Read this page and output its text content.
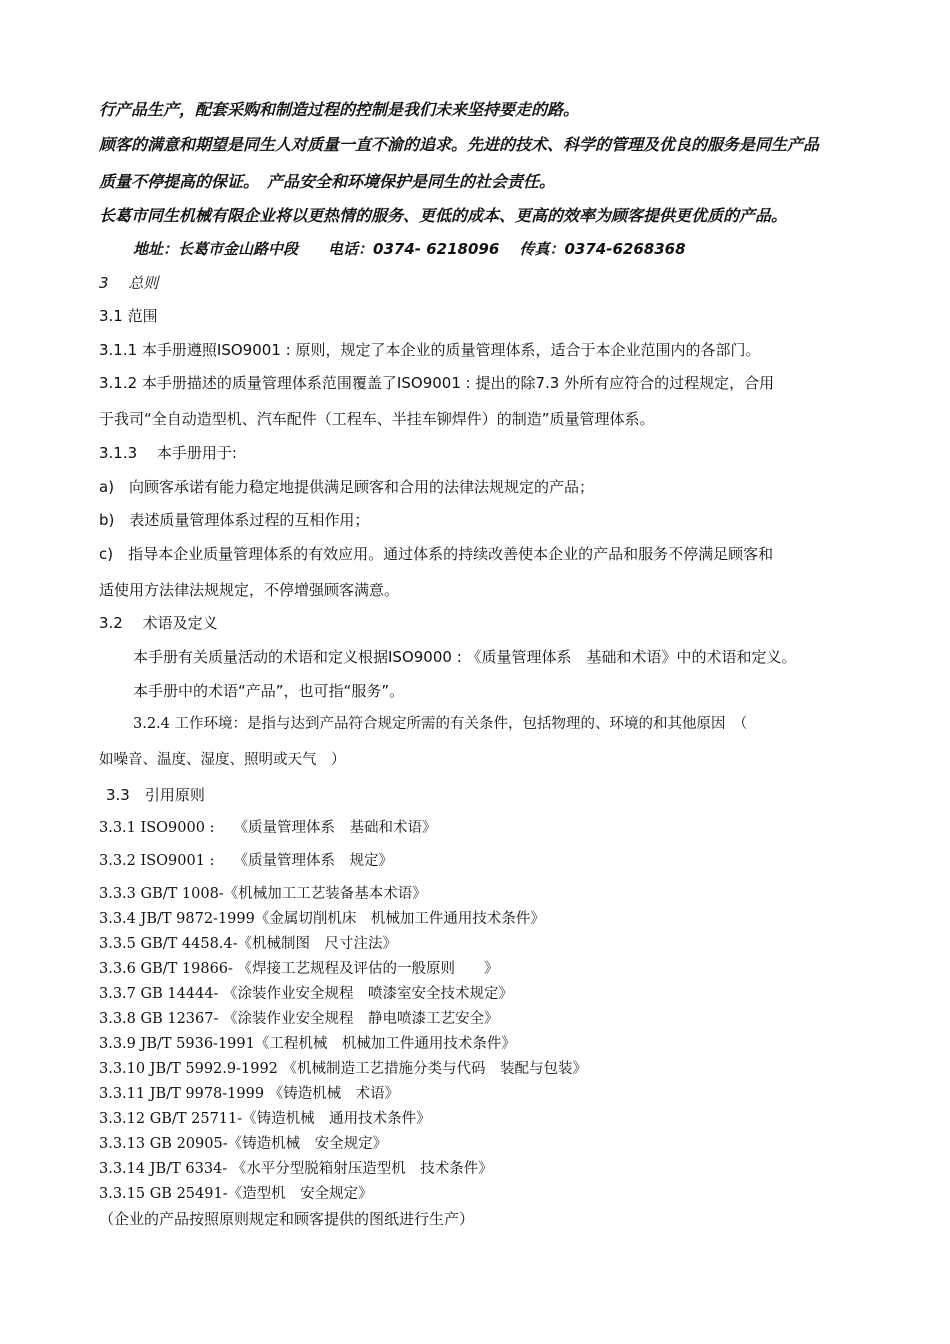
行产品生产，配套采购和制造过程的控制是我们未来坚持要走的路。
顾客的满意和期望是同生人对质量一直不渝的追求。先进的技术、科学的管理及优良的服务是同生产品
质量不停提高的保证。　产品安全和环境保护是同生的社会责任。
长葛市同生机械有限企业将以更热情的服务、更低的成本、更高的效率为顾客提供更优质的产品。
地址：长葛市金山路中段　　电话：0374- 6218096　 传真：0374-6268368
3　 总则
3.1 范围
3.1.1 本手册遵照ISO9001 : 原则，规定了本企业的质量管理体系，适合于本企业范围内的各部门。
3.1.2 本手册描述的质量管理体系范围覆盖了ISO9001 : 提出的除7.3 外所有应符合的过程规定，合用
于我司“全自动造型机、汽车配件（工程车、半挂车铆焊件）的制造”质量管理体系。
3.1.3　 本手册用于:
a)　向顾客承诺有能力稳定地提供满足顾客和合用的法律法规规定的产品；
b)　表述质量管理体系过程的互相作用；
c)　指导本企业质量管理体系的有效应用。通过体系的持续改善使本企业的产品和服务不停满足顾客和
适使用方法律法规规定，不停增强顾客满意。
3.2　 术语及定义
本手册有关质量活动的术语和定义根据ISO9000 : 《质量管理体系　基础和术语》中的术语和定义。
本手册中的术语“产品”，也可指“服务”。
3.2.4 工作环境：是指与达到产品符合规定所需的有关条件，包括物理的、环境的和其他原因　（
如噪音、温度、湿度、照明或天气　）
3.3　引用原则
3.3.1 ISO9000 :　 《质量管理体系　基础和术语》
3.3.2 ISO9001 :　 《质量管理体系　规定》
3.3.3 GB/T 1008-《机械加工工艺装备基本术语》
3.3.4 JB/T 9872-1999《金属切削机床　机械加工件通用技术条件》
3.3.5 GB/T 4458.4-《机械制图　尺寸注法》
3.3.6 GB/T 19866- 《焊接工艺规程及评估的一般原则　　》
3.3.7 GB 14444- 《涂装作业安全规程　喷漆室安全技术规定》
3.3.8 GB 12367- 《涂装作业安全规程　静电喷漆工艺安全》
3.3.9 JB/T 5936-1991《工程机械　机械加工件通用技术条件》
3.3.10 JB/T 5992.9-1992 《机械制造工艺措施分类与代码　装配与包装》
3.3.11 JB/T 9978-1999 《铸造机械　术语》
3.3.12 GB/T 25711-《铸造机械　通用技术条件》
3.3.13 GB 20905-《铸造机械　安全规定》
3.3.14 JB/T 6334- 《水平分型脱箱射压造型机　技术条件》
3.3.15 GB 25491-《造型机　安全规定》
（企业的产品按照原则规定和顾客提供的图纸进行生产）
